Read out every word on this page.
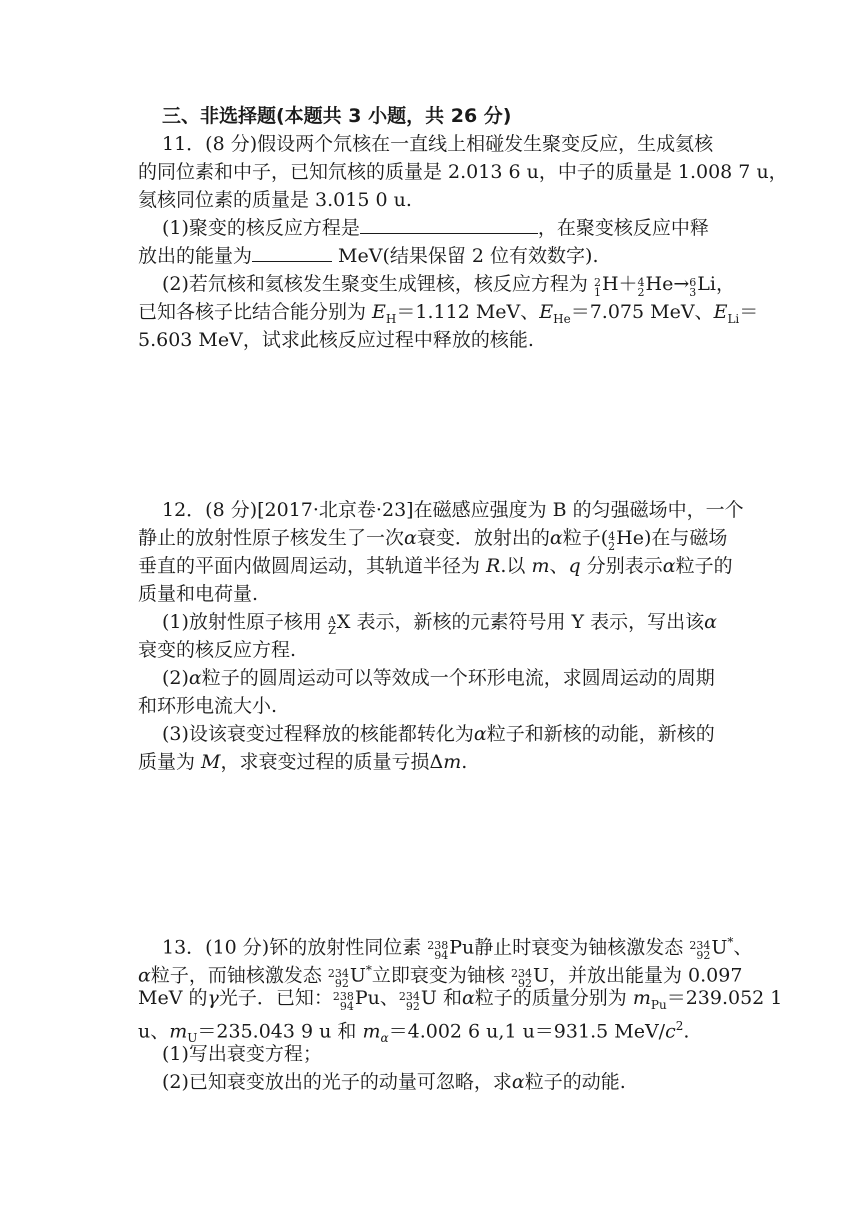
三、非选择题(本题共 3 小题，共 26 分)
11．(8 分)假设两个氘核在一直线上相碰发生聚变反应，生成氦核
的同位素和中子，已知氘核的质量是 2.013 6 u，中子的质量是 1.008 7 u，
氦核同位素的质量是 3.015 0 u.
(1)聚变的核反应方程是	，在聚变核反应中释
放出的能量为	MeV(结果保留 2 位有效数字).
(2)若氘核和氦核发生聚变生成锂核，核反应方程为 2
1 H＋ 4
2 He→ 6
3 Li，
已知各核子比结合能分别为 $E_H=1.112$ MeV、$E_{He}=7.075$ MeV、$E_{Li}=$
5.603 MeV，试求此核反应过程中释放的核能.
12．(8 分)[2017·北京卷·23]在磁感应强度为 B 的匀强磁场中，一个
静止的放射性原子核发生了一次α衰变．放射出的α粒子( 4
2 He)在与磁场
垂直的平面内做圆周运动，其轨道半径为 R.以 m、q 分别表示α粒子的
质量和电荷量.
(1)放射性原子核用 A
Z X 表示，新核的元素符号用 Y 表示，写出该α
衰变的核反应方程.
(2)α粒子的圆周运动可以等效成一个环形电流，求圆周运动的周期
和环形电流大小.
(3)设该衰变过程释放的核能都转化为α粒子和新核的动能，新核的
质量为 M，求衰变过程的质量亏损Δm.
13．(10 分)钚的放射性同位素 238
94 Pu静止时衰变为铀核激发态 234
92 U*、
α粒子，而铀核激发态 234
92 U*立即衰变为铀核 234
92 U，并放出能量为 0.097
MeV 的γ光子．已知： 238
94 Pu、 234
92 U 和α粒子的质量分别为 $m_{Pu}=239.052$ 1
u、$m_U=235.043$ 9 u 和 $m_\alpha=4.002$ 6 u,1 u＝931.5 MeV/$c^2$.
(1)写出衰变方程；
(2)已知衰变放出的光子的动量可忽略，求α粒子的动能.
